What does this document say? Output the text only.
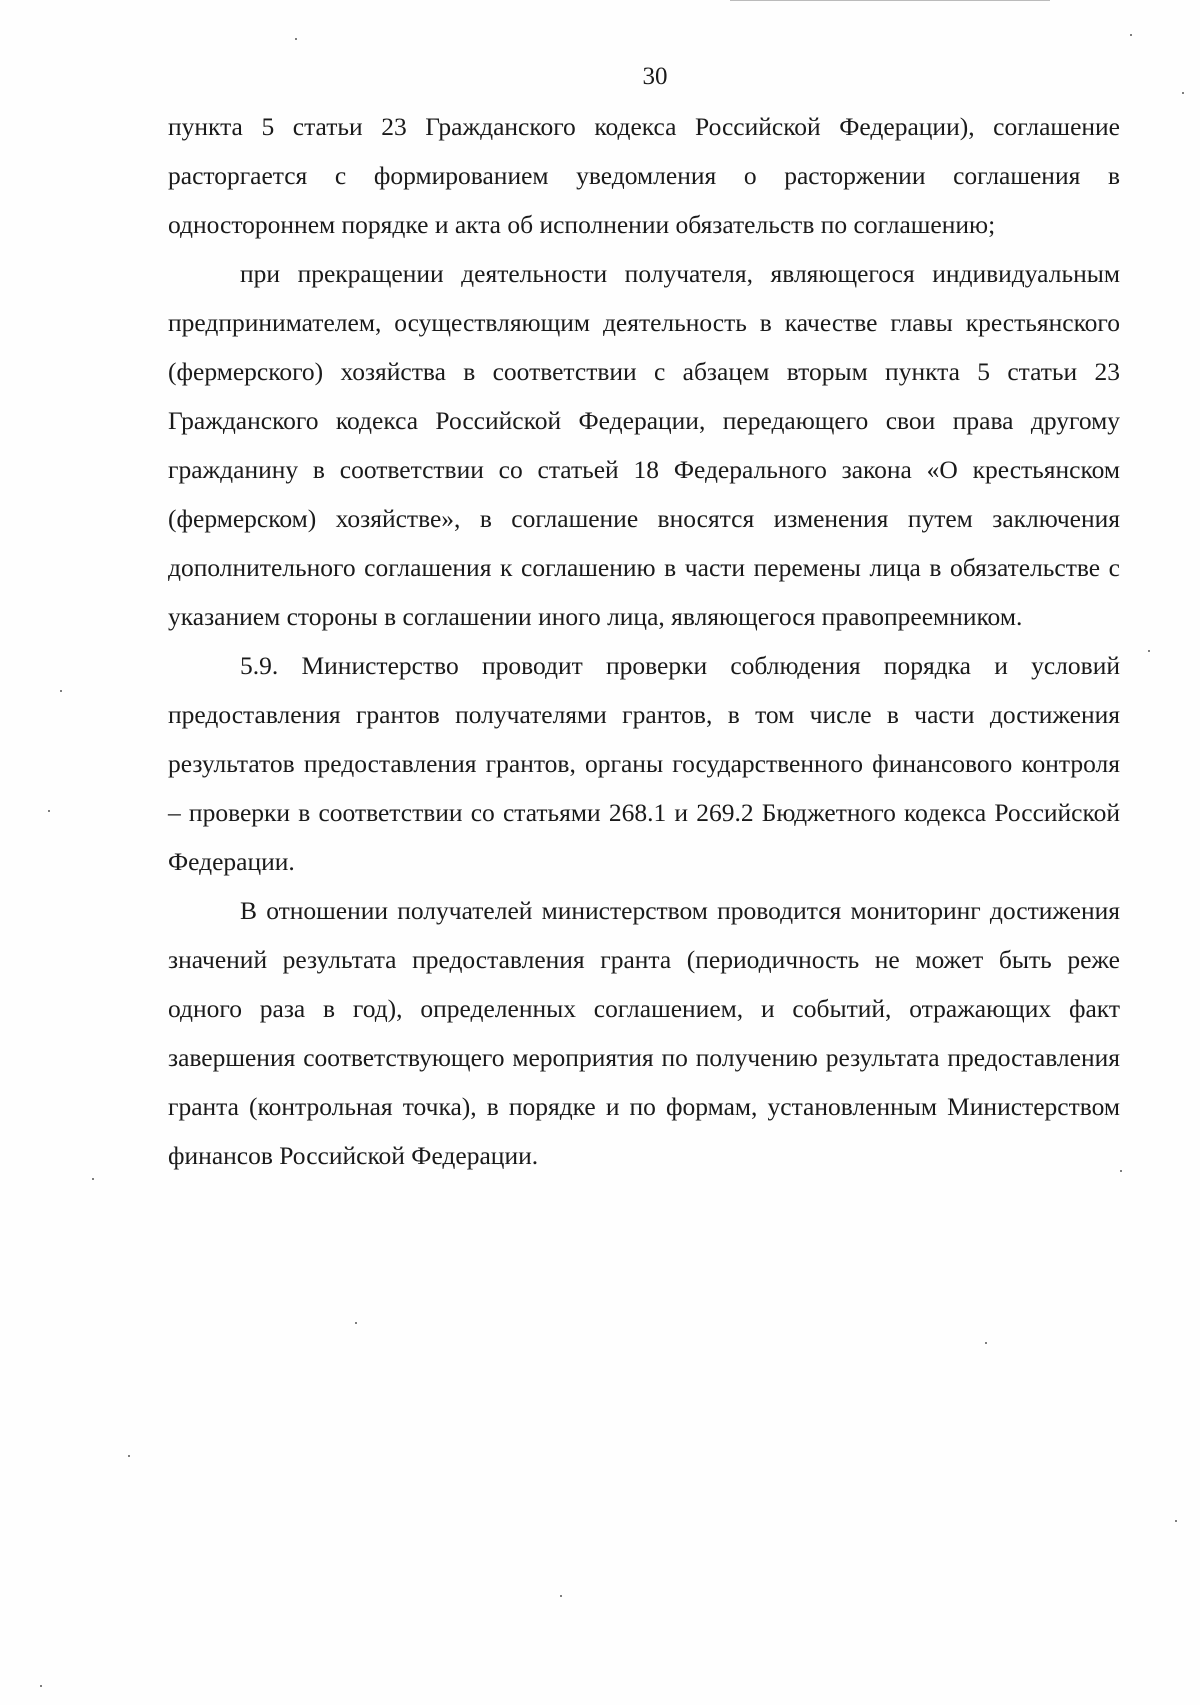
30

пункта 5 статьи 23 Гражданского кодекса Российской Федерации), соглашение расторгается с формированием уведомления о расторжении соглашения в одностороннем порядке и акта об исполнении обязательств по соглашению;

при прекращении деятельности получателя, являющегося индивидуальным предпринимателем, осуществляющим деятельность в качестве главы крестьянского (фермерского) хозяйства в соответствии с абзацем вторым пункта 5 статьи 23 Гражданского кодекса Российской Федерации, передающего свои права другому гражданину в соответствии со статьей 18 Федерального закона «О крестьянском (фермерском) хозяйстве», в соглашение вносятся изменения путем заключения дополнительного соглашения к соглашению в части перемены лица в обязательстве с указанием стороны в соглашении иного лица, являющегося правопреемником.

5.9. Министерство проводит проверки соблюдения порядка и условий предоставления грантов получателями грантов, в том числе в части достижения результатов предоставления грантов, органы государственного финансового контроля – проверки в соответствии со статьями 268.1 и 269.2 Бюджетного кодекса Российской Федерации.

В отношении получателей министерством проводится мониторинг достижения значений результата предоставления гранта (периодичность не может быть реже одного раза в год), определенных соглашением, и событий, отражающих факт завершения соответствующего мероприятия по получению результата предоставления гранта (контрольная точка), в порядке и по формам, установленным Министерством финансов Российской Федерации.
